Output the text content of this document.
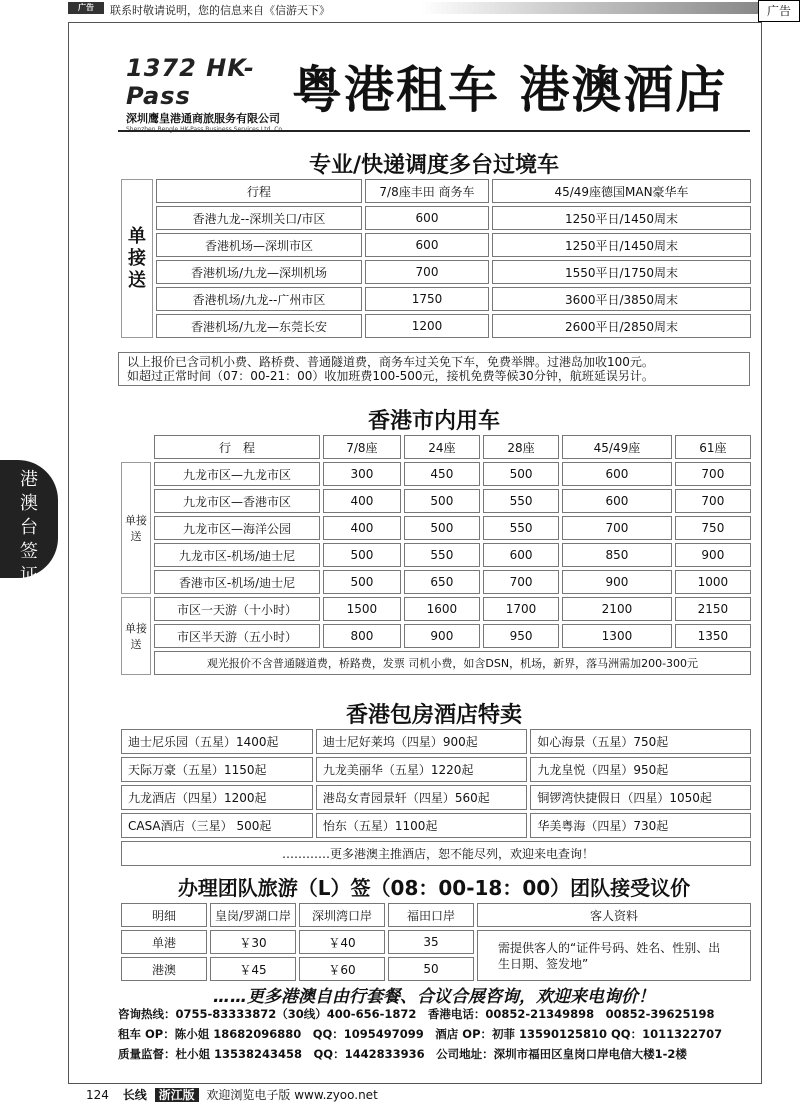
广告	联系时敬请说明，您的信息来自《信游天下》	广告
港
澳
台
签
证
1372 HK-Pass
深圳鹰皇港通商旅服务有限公司 粤港租车 港澳酒店
专业/快递调度多台过境车
单接送	行程	7/8座丰田 商务车	45/49座德国MAN豪华车
	香港九龙--深圳关口/市区	600	1250平日/1450周末
	香港机场—深圳市区	600	1250平日/1450周末
	香港机场/九龙—深圳机场	700	1550平日/1750周末
	香港机场/九龙--广州市区	1750	3600平日/3850周末
	香港机场/九龙—东莞长安	1200	2600平日/2850周末
以上报价已含司机小费、路桥费、普通隧道费，商务车过关免下车，免费举牌。过港岛加收100元。
如超过正常时间（07：00-21：00）收加班费100-500元，接机免费等候30分钟，航班延误另计。
香港市内用车
	行　程	7/8座	24座	28座	45/49座	61座
单接送	九龙市区—九龙市区	300	450	500	600	700
	九龙市区—香港市区	400	500	550	600	700
	九龙市区—海洋公园	400	500	550	700	750
	九龙市区-机场/迪士尼	500	550	600	850	900
	香港市区-机场/迪士尼	500	650	700	900	1000
单接送	市区一天游（十小时）	1500	1600	1700	2100	2150
	市区半天游（五小时）	800	900	950	1300	1350
	观光报价不含普通隧道费，桥路费，发票 司机小费，如含DSN，机场，新界，落马洲需加200-300元					
香港包房酒店特卖
迪士尼乐园（五星）1400起	迪士尼好莱坞（四星）900起	如心海景（五星）750起
天际万豪（五星）1150起	九龙美丽华（五星）1220起	九龙皇悦（四星）950起
九龙酒店（四星）1200起	港岛女青园景轩（四星）560起	铜锣湾快捷假日（四星）1050起
CASA酒店（三星） 500起	怡东（五星）1100起	华美粤海（四星）730起
…………更多港澳主推酒店，恕不能尽列，欢迎来电查询！		
办理团队旅游（L）签（08：00-18：00）团队接受议价
明细	皇岗/罗湖口岸	深圳湾口岸	福田口岸	客人资料
单港	￥30	￥40	35	需提供客人的“证件号码、姓名、性别、出生日期、签发地”
港澳	￥45	￥60	50	
……更多港澳自由行套餐、合议合展咨询，欢迎来电询价！
咨询热线：0755-83333872（30线）400-656-1872　香港电话：00852-21349898　00852-39625198
租车 OP：陈小姐 18682096880　QQ：1095497099　酒店 OP：初菲 13590125810 QQ：1011322707
质量监督：杜小姐 13538243458　QQ：1442833936　公司地址：深圳市福田区皇岗口岸电信大楼1-2楼
124 长线 浙江版 欢迎浏览电子版 www.zyoo.net
